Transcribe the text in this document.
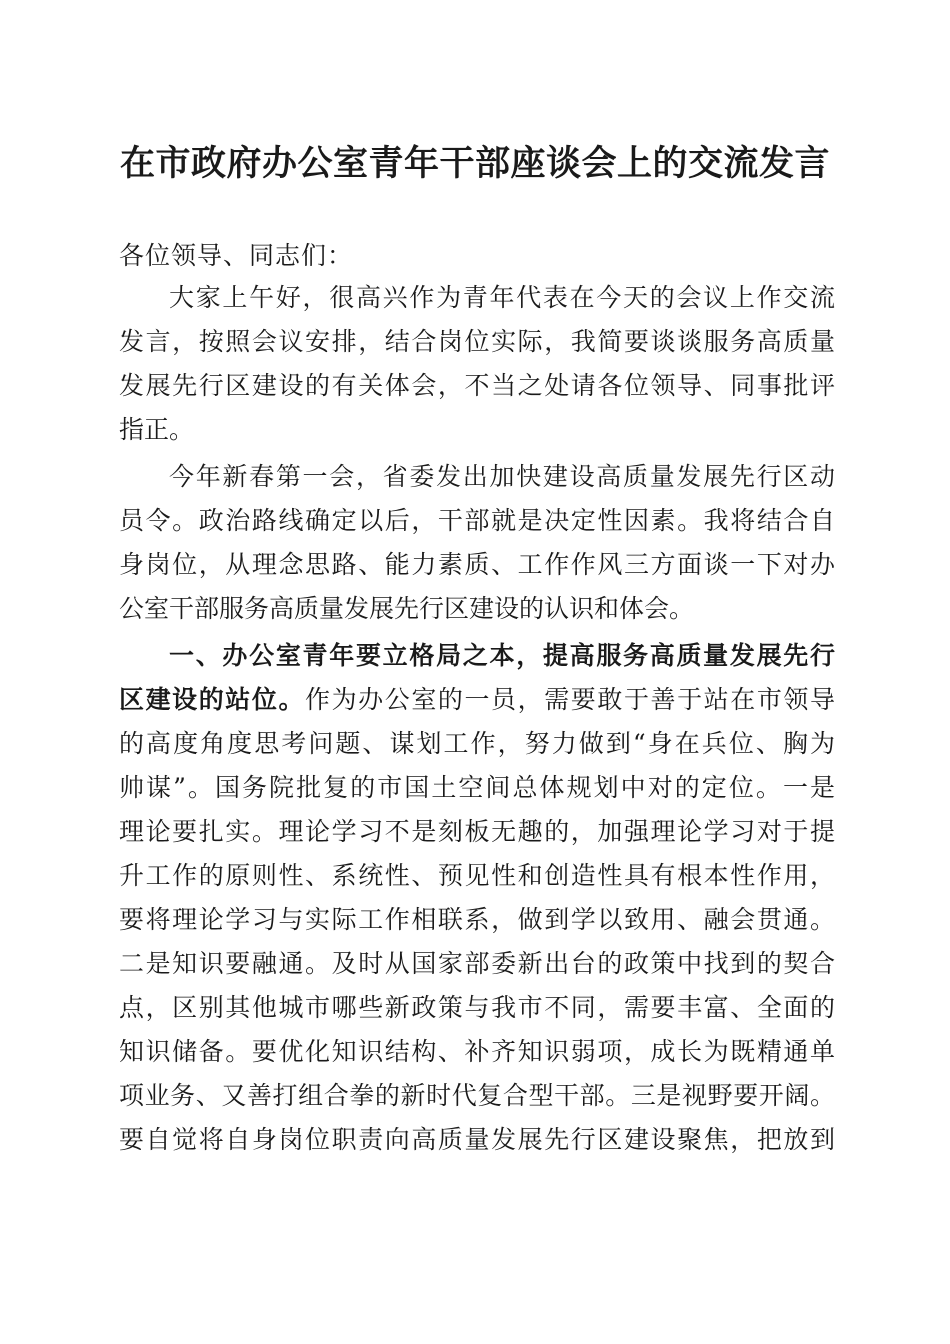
在市政府办公室青年干部座谈会上的交流发言
各位领导、同志们：
大家上午好，很高兴作为青年代表在今天的会议上作交流
发言，按照会议安排，结合岗位实际，我简要谈谈服务高质量
发展先行区建设的有关体会，不当之处请各位领导、同事批评
指正。
今年新春第一会，省委发出加快建设高质量发展先行区动
员令。政治路线确定以后，干部就是决定性因素。我将结合自
身岗位，从理念思路、能力素质、工作作风三方面谈一下对办
公室干部服务高质量发展先行区建设的认识和体会。
一、办公室青年要立格局之本，提高服务高质量发展先行
区建设的站位。作为办公室的一员，需要敢于善于站在市领导
的高度角度思考问题、谋划工作，努力做到“身在兵位、胸为
帅谋”。国务院批复的市国土空间总体规划中对的定位。一是
理论要扎实。理论学习不是刻板无趣的，加强理论学习对于提
升工作的原则性、系统性、预见性和创造性具有根本性作用，
要将理论学习与实际工作相联系，做到学以致用、融会贯通。
二是知识要融通。及时从国家部委新出台的政策中找到的契合
点，区别其他城市哪些新政策与我市不同，需要丰富、全面的
知识储备。要优化知识结构、补齐知识弱项，成长为既精通单
项业务、又善打组合拳的新时代复合型干部。三是视野要开阔。
要自觉将自身岗位职责向高质量发展先行区建设聚焦，把放到
